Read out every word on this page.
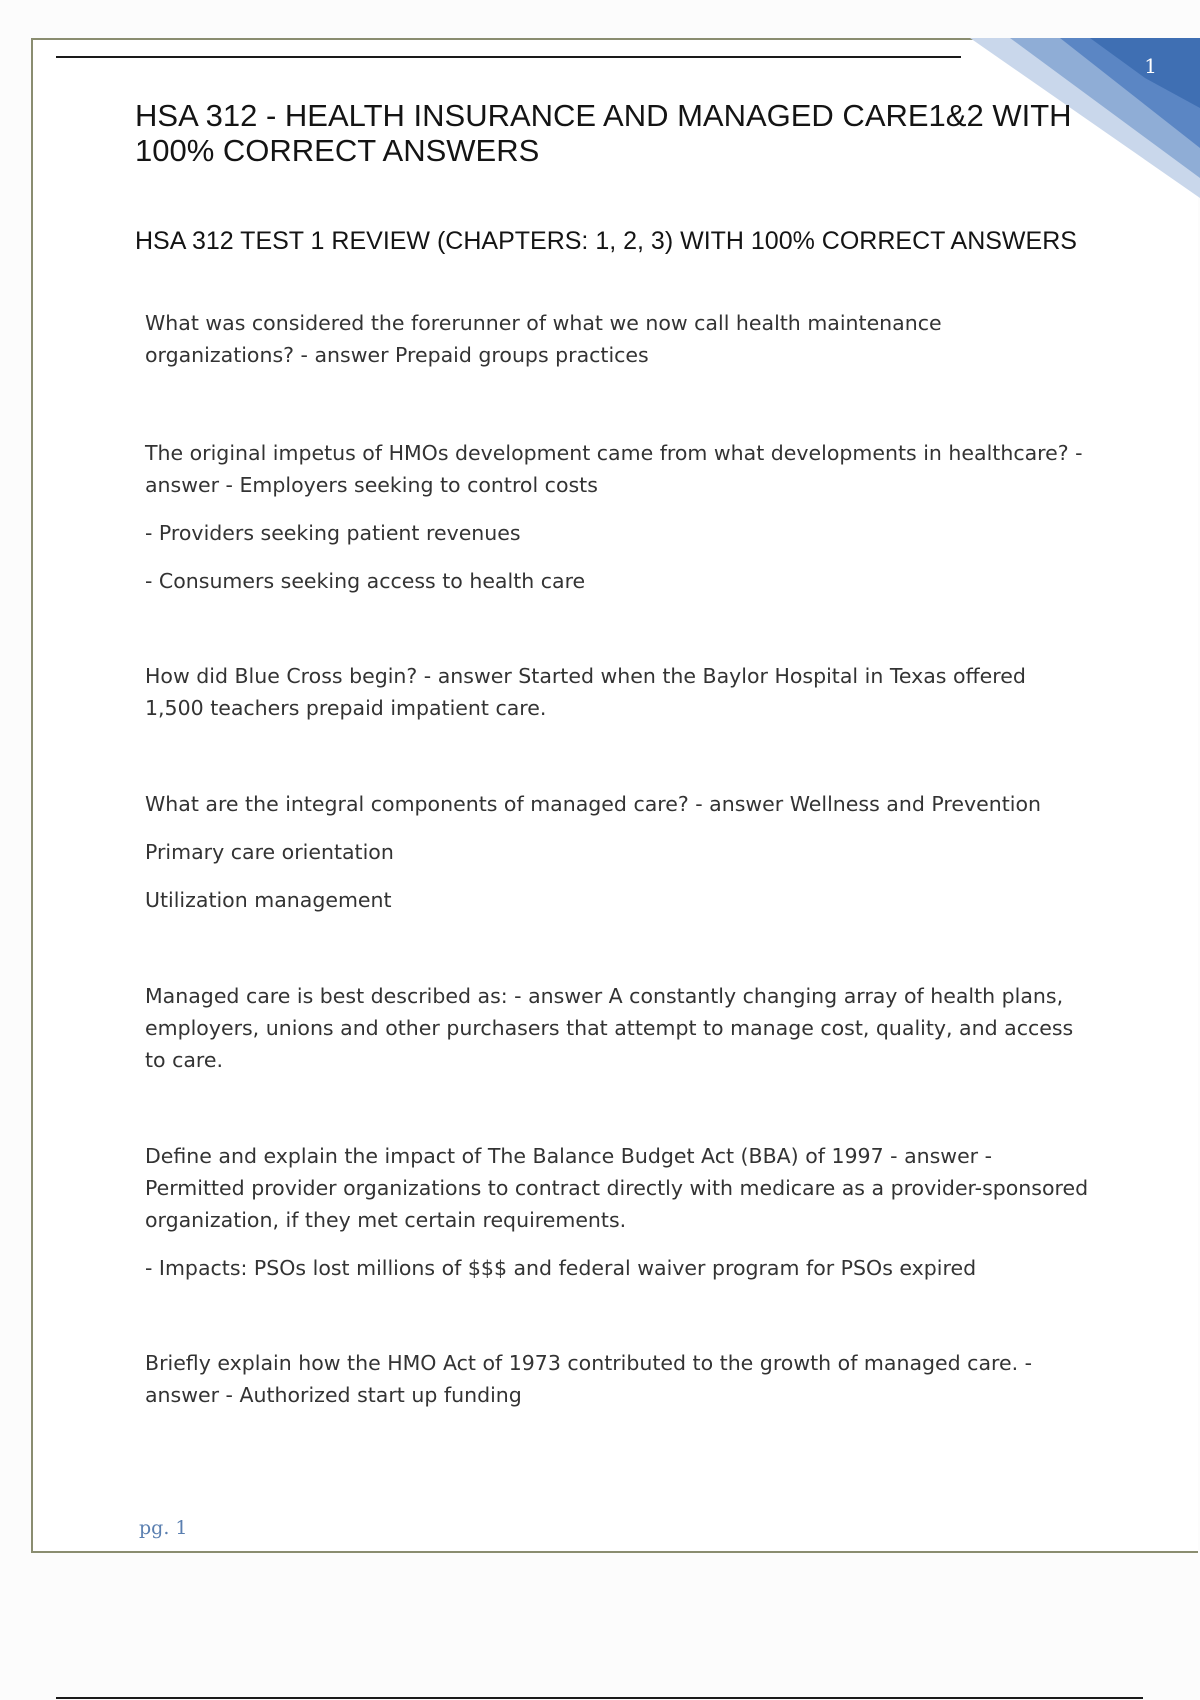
1
HSA 312 - HEALTH INSURANCE AND MANAGED CARE1&2 WITH 100% CORRECT ANSWERS
HSA 312 TEST 1 REVIEW (CHAPTERS: 1, 2, 3) WITH 100% CORRECT ANSWERS

What was considered the forerunner of what we now call health maintenance organizations? - answer Prepaid groups practices

The original impetus of HMOs development came from what developments in healthcare? - answer - Employers seeking to control costs

- Providers seeking patient revenues

- Consumers seeking access to health care

How did Blue Cross begin? - answer Started when the Baylor Hospital in Texas offered 1,500 teachers prepaid impatient care.

What are the integral components of managed care? - answer Wellness and Prevention

Primary care orientation

Utilization management

Managed care is best described as: - answer A constantly changing array of health plans, employers, unions and other purchasers that attempt to manage cost, quality, and access to care.

Define and explain the impact of The Balance Budget Act (BBA) of 1997 - answer - Permitted provider organizations to contract directly with medicare as a provider-sponsored organization, if they met certain requirements.

- Impacts: PSOs lost millions of $$$ and federal waiver program for PSOs expired

Briefly explain how the HMO Act of 1973 contributed to the growth of managed care. - answer - Authorized start up funding

pg. 1
